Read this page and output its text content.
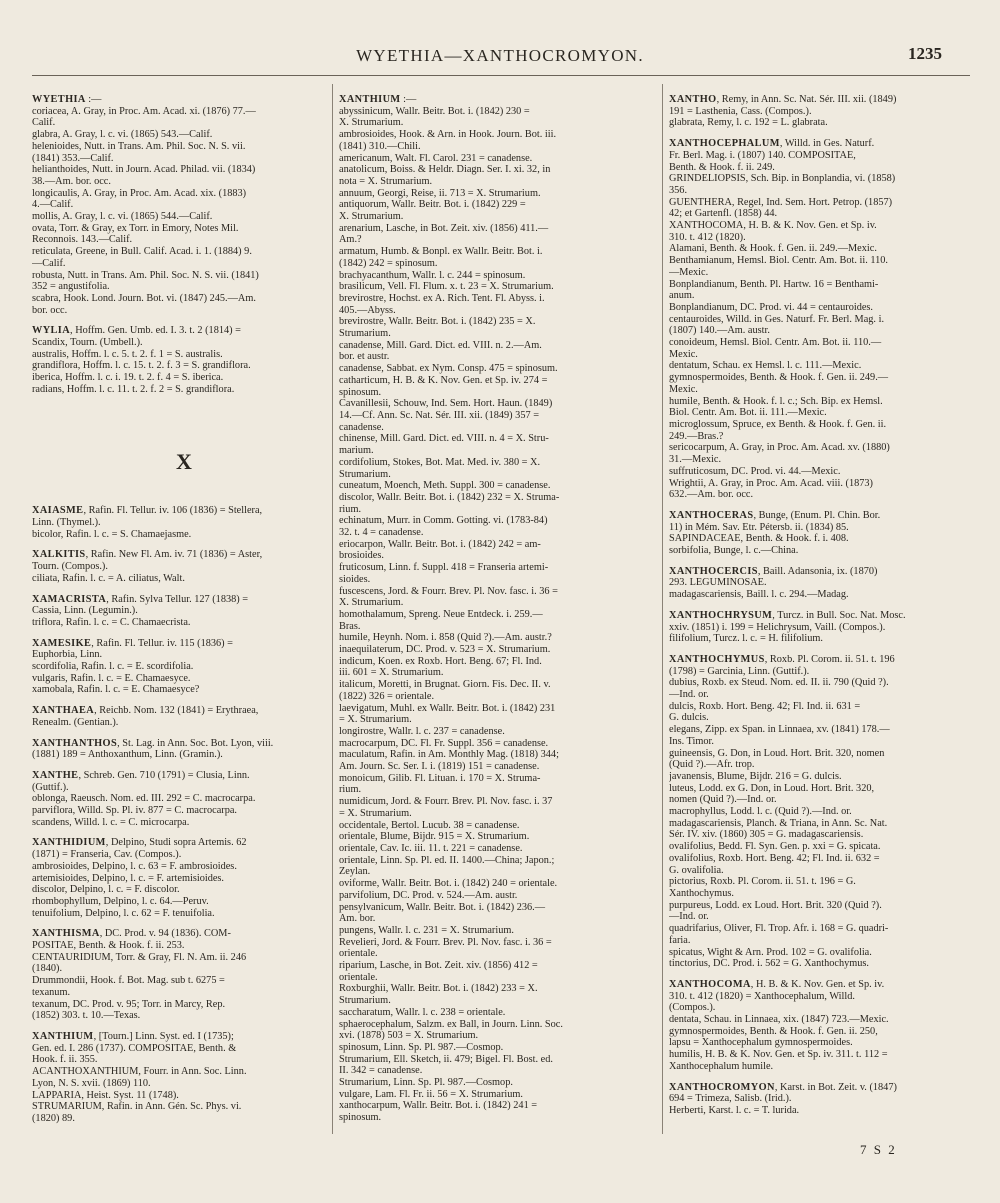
WYETHIA—XANTHOCROMYON.	1235
WYETHIA :—
coriacea, A. Gray, in Proc. Am. Acad. xi. (1876) 77.—
Calif.
glabra, A. Gray, l. c. vi. (1865) 543.—Calif.
helenioides, Nutt. in Trans. Am. Phil. Soc. N. S. vii.
(1841) 353.—Calif.
helianthoides, Nutt. in Journ. Acad. Philad. vii. (1834)
38.—Am. bor. occ.
longicaulis, A. Gray, in Proc. Am. Acad. xix. (1883)
4.—Calif.
mollis, A. Gray, l. c. vi. (1865) 544.—Calif.
ovata, Torr. & Gray, ex Torr. in Emory, Notes Mil.
Reconnois. 143.—Calif.
reticulata, Greene, in Bull. Calif. Acad. i. 1. (1884) 9.
—Calif.
robusta, Nutt. in Trans. Am. Phil. Soc. N. S. vii. (1841)
352 = angustifolia.
scabra, Hook. Lond. Journ. Bot. vi. (1847) 245.—Am.
bor. occ.
WYLIA, Hoffm. Gen. Umb. ed. I. 3. t. 2 (1814) =
Scandix, Tourn. (Umbell.).
australis, Hoffm. l. c. 5. t. 2. f. 1 = S. australis.
grandiflora, Hoffm. l. c. 15. t. 2. f. 3 = S. grandiflora.
iberica, Hoffm. l. c. i. 19. t. 2. f. 4 = S. iberica.
radians, Hoffm. l. c. 11. t. 2. f. 2 = S. grandiflora.
X
XAIASME, Rafin. Fl. Tellur. iv. 106 (1836) = Stellera,
Linn. (Thymel.).
bicolor, Rafin. l. c. = S. Chamaejasme.
XALKITIS, Rafin. New Fl. Am. iv. 71 (1836) = Aster,
Tourn. (Compos.).
ciliata, Rafin. l. c. = A. ciliatus, Walt.
XAMACRISTA, Rafin. Sylva Tellur. 127 (1838) =
Cassia, Linn. (Legumin.).
triflora, Rafin. l. c. = C. Chamaecrista.
XAMESIKE, Rafin. Fl. Tellur. iv. 115 (1836) =
Euphorbia, Linn.
scordifolia, Rafin. l. c. = E. scordifolia.
vulgaris, Rafin. l. c. = E. Chamaesyce.
xamobala, Rafin. l. c. = E. Chamaesyce?
XANTHAEA, Reichb. Nom. 132 (1841) = Erythraea,
Renealm. (Gentian.).
XANTHANTHOS, St. Lag. in Ann. Soc. Bot. Lyon, viii.
(1881) 189 = Anthoxanthum, Linn. (Gramin.).
XANTHE, Schreb. Gen. 710 (1791) = Clusia, Linn.
(Guttif.).
oblonga, Raeusch. Nom. ed. III. 292 = C. macrocarpa.
parviflora, Willd. Sp. Pl. iv. 877 = C. macrocarpa.
scandens, Willd. l. c. = C. microcarpa.
XANTHIDIUM, Delpino, Studi sopra Artemis. 62
(1871) = Franseria, Cav. (Compos.).
ambrosioides, Delpino, l. c. 63 = F. ambrosioides.
artemisioides, Delpino, l. c. = F. artemisioides.
discolor, Delpino, l. c. = F. discolor.
rhombophyllum, Delpino, l. c. 64.—Peruv.
tenuifolium, Delpino, l. c. 62 = F. tenuifolia.
XANTHISMA, DC. Prod. v. 94 (1836). COM-
POSITAE, Benth. & Hook. f. ii. 253.
CENTAURIDIUM, Torr. & Gray, Fl. N. Am. ii. 246
(1840).
Drummondii, Hook. f. Bot. Mag. sub t. 6275 =
texanum.
texanum, DC. Prod. v. 95; Torr. in Marcy, Rep.
(1852) 303. t. 10.—Texas.
XANTHIUM, [Tourn.] Linn. Syst. ed. I (1735);
Gen. ed. I. 286 (1737). COMPOSITAE, Benth. &
Hook. f. ii. 355.
ACANTHOXANTHIUM, Fourr. in Ann. Soc. Linn.
Lyon, N. S. xvii. (1869) 110.
LAPPARIA, Heist. Syst. 11 (1748).
STRUMARIUM, Rafin. in Ann. Gén. Sc. Phys. vi.
(1820) 89.
XANTHIUM :—
abyssinicum, Wallr. Beitr. Bot. i. (1842) 230 =
X. Strumarium.
ambrosioides, Hook. & Arn. in Hook. Journ. Bot. iii.
(1841) 310.—Chili.
americanum, Walt. Fl. Carol. 231 = canadense.
anatolicum, Boiss. & Heldr. Diagn. Ser. I. xi. 32, in
nota = X. Strumarium.
annuum, Georgi, Reise, ii. 713 = X. Strumarium.
antiquorum, Wallr. Beitr. Bot. i. (1842) 229 =
X. Strumarium.
arenarium, Lasche, in Bot. Zeit. xiv. (1856) 411.—
Am.?
armatum, Humb. & Bonpl. ex Wallr. Beitr. Bot. i.
(1842) 242 = spinosum.
brachyacanthum, Wallr. l. c. 244 = spinosum.
brasilicum, Vell. Fl. Flum. x. t. 23 = X. Strumarium.
brevirostre, Hochst. ex A. Rich. Tent. Fl. Abyss. i.
405.—Abyss.
brevirostre, Wallr. Beitr. Bot. i. (1842) 235 = X.
Strumarium.
canadense, Mill. Gard. Dict. ed. VIII. n. 2.—Am.
bor. et austr.
canadense, Sabbat. ex Nym. Consp. 475 = spinosum.
catharticum, H. B. & K. Nov. Gen. et Sp. iv. 274 =
spinosum.
Cavanillesii, Schouw, Ind. Sem. Hort. Haun. (1849)
14.—Cf. Ann. Sc. Nat. Sér. III. xii. (1849) 357 =
canadense.
chinense, Mill. Gard. Dict. ed. VIII. n. 4 = X. Stru-
marium.
cordifolium, Stokes, Bot. Mat. Med. iv. 380 = X.
Strumarium.
cuneatum, Moench, Meth. Suppl. 300 = canadense.
discolor, Wallr. Beitr. Bot. i. (1842) 232 = X. Struma-
rium.
echinatum, Murr. in Comm. Gotting. vi. (1783-84)
32. t. 4 = canadense.
eriocarpon, Wallr. Beitr. Bot. i. (1842) 242 = am-
brosioides.
fruticosum, Linn. f. Suppl. 418 = Franseria artemi-
sioides.
fuscescens, Jord. & Fourr. Brev. Pl. Nov. fasc. i. 36 =
X. Strumarium.
homothalamum, Spreng. Neue Entdeck. i. 259.—
Bras.
humile, Heynh. Nom. i. 858 (Quid ?).—Am. austr.?
inaequilaterum, DC. Prod. v. 523 = X. Strumarium.
indicum, Koen. ex Roxb. Hort. Beng. 67; Fl. Ind.
iii. 601 = X. Strumarium.
italicum, Moretti, in Brugnat. Giorn. Fis. Dec. II. v.
(1822) 326 = orientale.
laevigatum, Muhl. ex Wallr. Beitr. Bot. i. (1842) 231
= X. Strumarium.
longirostre, Wallr. l. c. 237 = canadense.
macrocarpum, DC. Fl. Fr. Suppl. 356 = canadense.
maculatum, Rafin. in Am. Monthly Mag. (1818) 344;
Am. Journ. Sc. Ser. I. i. (1819) 151 = canadense.
monoicum, Gilib. Fl. Lituan. i. 170 = X. Struma-
rium.
numidicum, Jord. & Fourr. Brev. Pl. Nov. fasc. i. 37
= X. Strumarium.
occidentale, Bertol. Lucub. 38 = canadense.
orientale, Blume, Bijdr. 915 = X. Strumarium.
orientale, Cav. Ic. iii. 11. t. 221 = canadense.
orientale, Linn. Sp. Pl. ed. II. 1400.—China; Japon.;
Zeylan.
oviforme, Wallr. Beitr. Bot. i. (1842) 240 = orientale.
parvifolium, DC. Prod. v. 524.—Am. austr.
pensylvanicum, Wallr. Beitr. Bot. i. (1842) 236.—
Am. bor.
pungens, Wallr. l. c. 231 = X. Strumarium.
Revelieri, Jord. & Fourr. Brev. Pl. Nov. fasc. i. 36 =
orientale.
riparium, Lasche, in Bot. Zeit. xiv. (1856) 412 =
orientale.
Roxburghii, Wallr. Beitr. Bot. i. (1842) 233 = X.
Strumarium.
saccharatum, Wallr. l. c. 238 = orientale.
sphaerocephalum, Salzm. ex Ball, in Journ. Linn. Soc.
xvi. (1878) 503 = X. Strumarium.
spinosum, Linn. Sp. Pl. 987.—Cosmop.
Strumarium, Ell. Sketch, ii. 479; Bigel. Fl. Bost. ed.
II. 342 = canadense.
Strumarium, Linn. Sp. Pl. 987.—Cosmop.
vulgare, Lam. Fl. Fr. ii. 56 = X. Strumarium.
xanthocarpum, Wallr. Beitr. Bot. i. (1842) 241 =
spinosum.
XANTHO, Remy, in Ann. Sc. Nat. Sér. III. xii. (1849)
191 = Lasthenia, Cass. (Compos.).
glabrata, Remy, l. c. 192 = L. glabrata.
XANTHOCEPHALUM, Willd. in Ges. Naturf.
Fr. Berl. Mag. i. (1807) 140. COMPOSITAE,
Benth. & Hook. f. ii. 249.
GRINDELIOPSIS, Sch. Bip. in Bonplandia, vi. (1858)
356.
GUENTHERA, Regel, Ind. Sem. Hort. Petrop. (1857)
42; et Gartenfl. (1858) 44.
XANTHOCOMA, H. B. & K. Nov. Gen. et Sp. iv.
310. t. 412 (1820).
Alamani, Benth. & Hook. f. Gen. ii. 249.—Mexic.
Benthamianum, Hemsl. Biol. Centr. Am. Bot. ii. 110.
—Mexic.
Bonplandianum, Benth. Pl. Hartw. 16 = Benthami-
anum.
Bonplandianum, DC. Prod. vi. 44 = centauroides.
centauroides, Willd. in Ges. Naturf. Fr. Berl. Mag. i.
(1807) 140.—Am. austr.
conoideum, Hemsl. Biol. Centr. Am. Bot. ii. 110.—
Mexic.
dentatum, Schau. ex Hemsl. l. c. 111.—Mexic.
gymnospermoides, Benth. & Hook. f. Gen. ii. 249.—
Mexic.
humile, Benth. & Hook. f. l. c.; Sch. Bip. ex Hemsl.
Biol. Centr. Am. Bot. ii. 111.—Mexic.
microglossum, Spruce, ex Benth. & Hook. f. Gen. ii.
249.—Bras.?
sericocarpum, A. Gray, in Proc. Am. Acad. xv. (1880)
31.—Mexic.
suffruticosum, DC. Prod. vi. 44.—Mexic.
Wrightii, A. Gray, in Proc. Am. Acad. viii. (1873)
632.—Am. bor. occ.
XANTHOCERAS, Bunge, (Enum. Pl. Chin. Bor.
11) in Mém. Sav. Etr. Pétersb. ii. (1834) 85.
SAPINDACEAE, Benth. & Hook. f. i. 408.
sorbifolia, Bunge, l. c.—China.
XANTHOCERCIS, Baill. Adansonia, ix. (1870)
293. LEGUMINOSAE.
madagascariensis, Baill. l. c. 294.—Madag.
XANTHOCHRYSUM, Turcz. in Bull. Soc. Nat. Mosc.
xxiv. (1851) i. 199 = Helichrysum, Vaill. (Compos.).
filifolium, Turcz. l. c. = H. filifolium.
XANTHOCHYMUS, Roxb. Pl. Corom. ii. 51. t. 196
(1798) = Garcinia, Linn. (Guttif.).
dubius, Roxb. ex Steud. Nom. ed. II. ii. 790 (Quid ?).
—Ind. or.
dulcis, Roxb. Hort. Beng. 42; Fl. Ind. ii. 631 =
G. dulcis.
elegans, Zipp. ex Span. in Linnaea, xv. (1841) 178.—
Ins. Timor.
guineensis, G. Don, in Loud. Hort. Brit. 320, nomen
(Quid ?).—Afr. trop.
javanensis, Blume, Bijdr. 216 = G. dulcis.
luteus, Lodd. ex G. Don, in Loud. Hort. Brit. 320,
nomen (Quid ?).—Ind. or.
macrophyllus, Lodd. l. c. (Quid ?).—Ind. or.
madagascariensis, Planch. & Triana, in Ann. Sc. Nat.
Sér. IV. xiv. (1860) 305 = G. madagascariensis.
ovalifolius, Bedd. Fl. Syn. Gen. p. xxi = G. spicata.
ovalifolius, Roxb. Hort. Beng. 42; Fl. Ind. ii. 632 =
G. ovalifolia.
pictorius, Roxb. Pl. Corom. ii. 51. t. 196 = G.
Xanthochymus.
purpureus, Lodd. ex Loud. Hort. Brit. 320 (Quid ?).
—Ind. or.
quadrifarius, Oliver, Fl. Trop. Afr. i. 168 = G. quadri-
faria.
spicatus, Wight & Arn. Prod. 102 = G. ovalifolia.
tinctorius, DC. Prod. i. 562 = G. Xanthochymus.
XANTHOCOMA, H. B. & K. Nov. Gen. et Sp. iv.
310. t. 412 (1820) = Xanthocephalum, Willd.
(Compos.).
dentata, Schau. in Linnaea, xix. (1847) 723.—Mexic.
gymnospermoides, Benth. & Hook. f. Gen. ii. 250,
lapsu = Xanthocephalum gymnospermoides.
humilis, H. B. & K. Nov. Gen. et Sp. iv. 311. t. 112 =
Xanthocephalum humile.
XANTHOCROMYON, Karst. in Bot. Zeit. v. (1847)
694 = Trimeza, Salisb. (Irid.).
Herberti, Karst. l. c. = T. lurida.
7 S 2
